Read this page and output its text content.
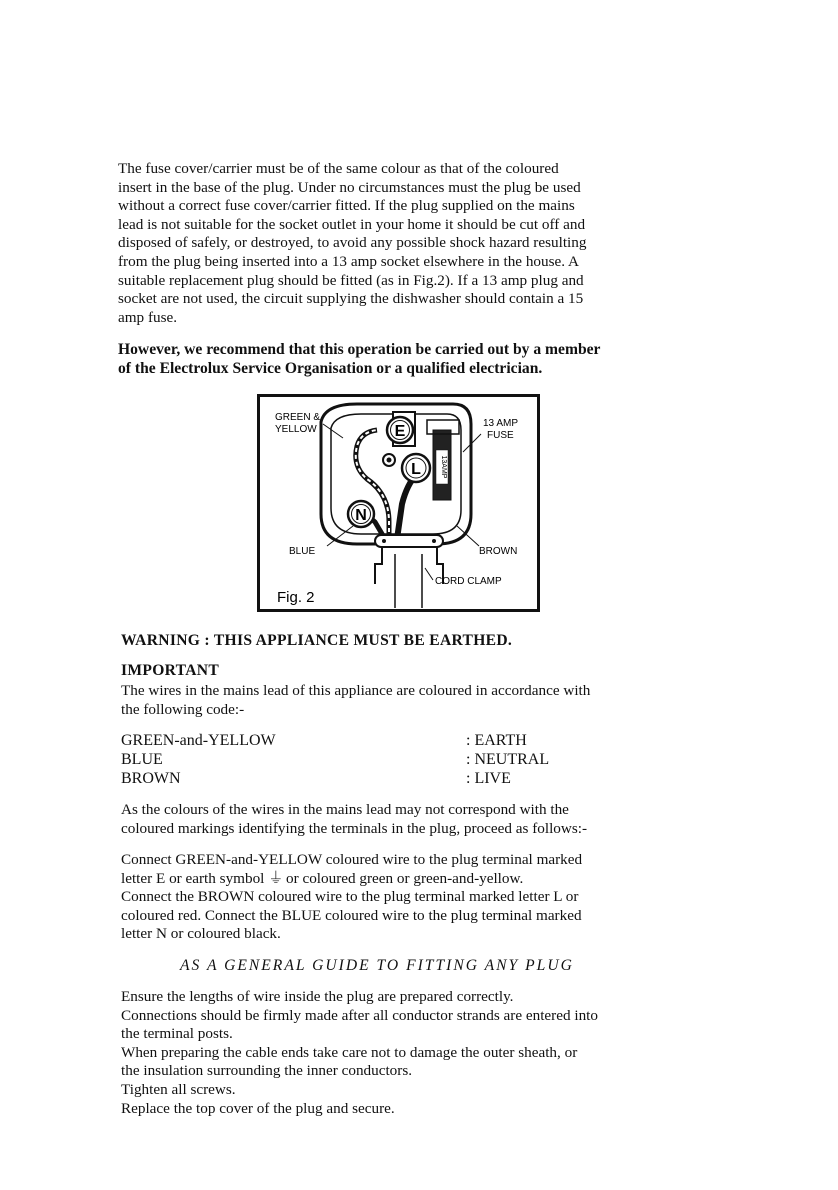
The fuse cover/carrier must be of the same colour as that of the coloured
insert in the base of the plug. Under no circumstances must the plug be used
without a correct fuse cover/carrier fitted. If the plug supplied on the mains
lead is not suitable for the socket outlet in your home it should be cut off and
disposed of safely, or destroyed, to avoid any possible shock hazard resulting
from the plug being inserted into a 13 amp socket elsewhere in the house. A
suitable replacement plug should be fitted (as in Fig.2). If a 13 amp plug and
socket are not used, the circuit supplying the dishwasher should contain a 15
amp fuse.

However, we recommend that this operation be carried out by a member
of the Electrolux Service Organisation or a qualified electrician.

13AMP
E
L
N
GREEN &
YELLOW
13 AMP
FUSE
BLUE	BROWN
CORD CLAMP
Fig. 2
WARNING : THIS APPLIANCE MUST BE EARTHED.
IMPORTANT

The wires in the mains lead of this appliance are coloured in accordance with
the following code:-

GREEN-and-YELLOW	: EARTH
BLUE	: NEUTRAL
BROWN	: LIVE

As the colours of the wires in the mains lead may not correspond with the
coloured markings identifying the terminals in the plug, proceed as follows:-

Connect GREEN-and-YELLOW coloured wire to the plug terminal marked
letter E or earth symbol ⏚ or coloured green or green-and-yellow.
Connect the BROWN coloured wire to the plug terminal marked letter L or
coloured red. Connect the BLUE coloured wire to the plug terminal marked
letter N or coloured black.

AS A GENERAL GUIDE TO FITTING ANY PLUG

Ensure the lengths of wire inside the plug are prepared correctly.
Connections should be firmly made after all conductor strands are entered into
the terminal posts.
When preparing the cable ends take care not to damage the outer sheath, or
the insulation surrounding the inner conductors.
Tighten all screws.
Replace the top cover of the plug and secure.
